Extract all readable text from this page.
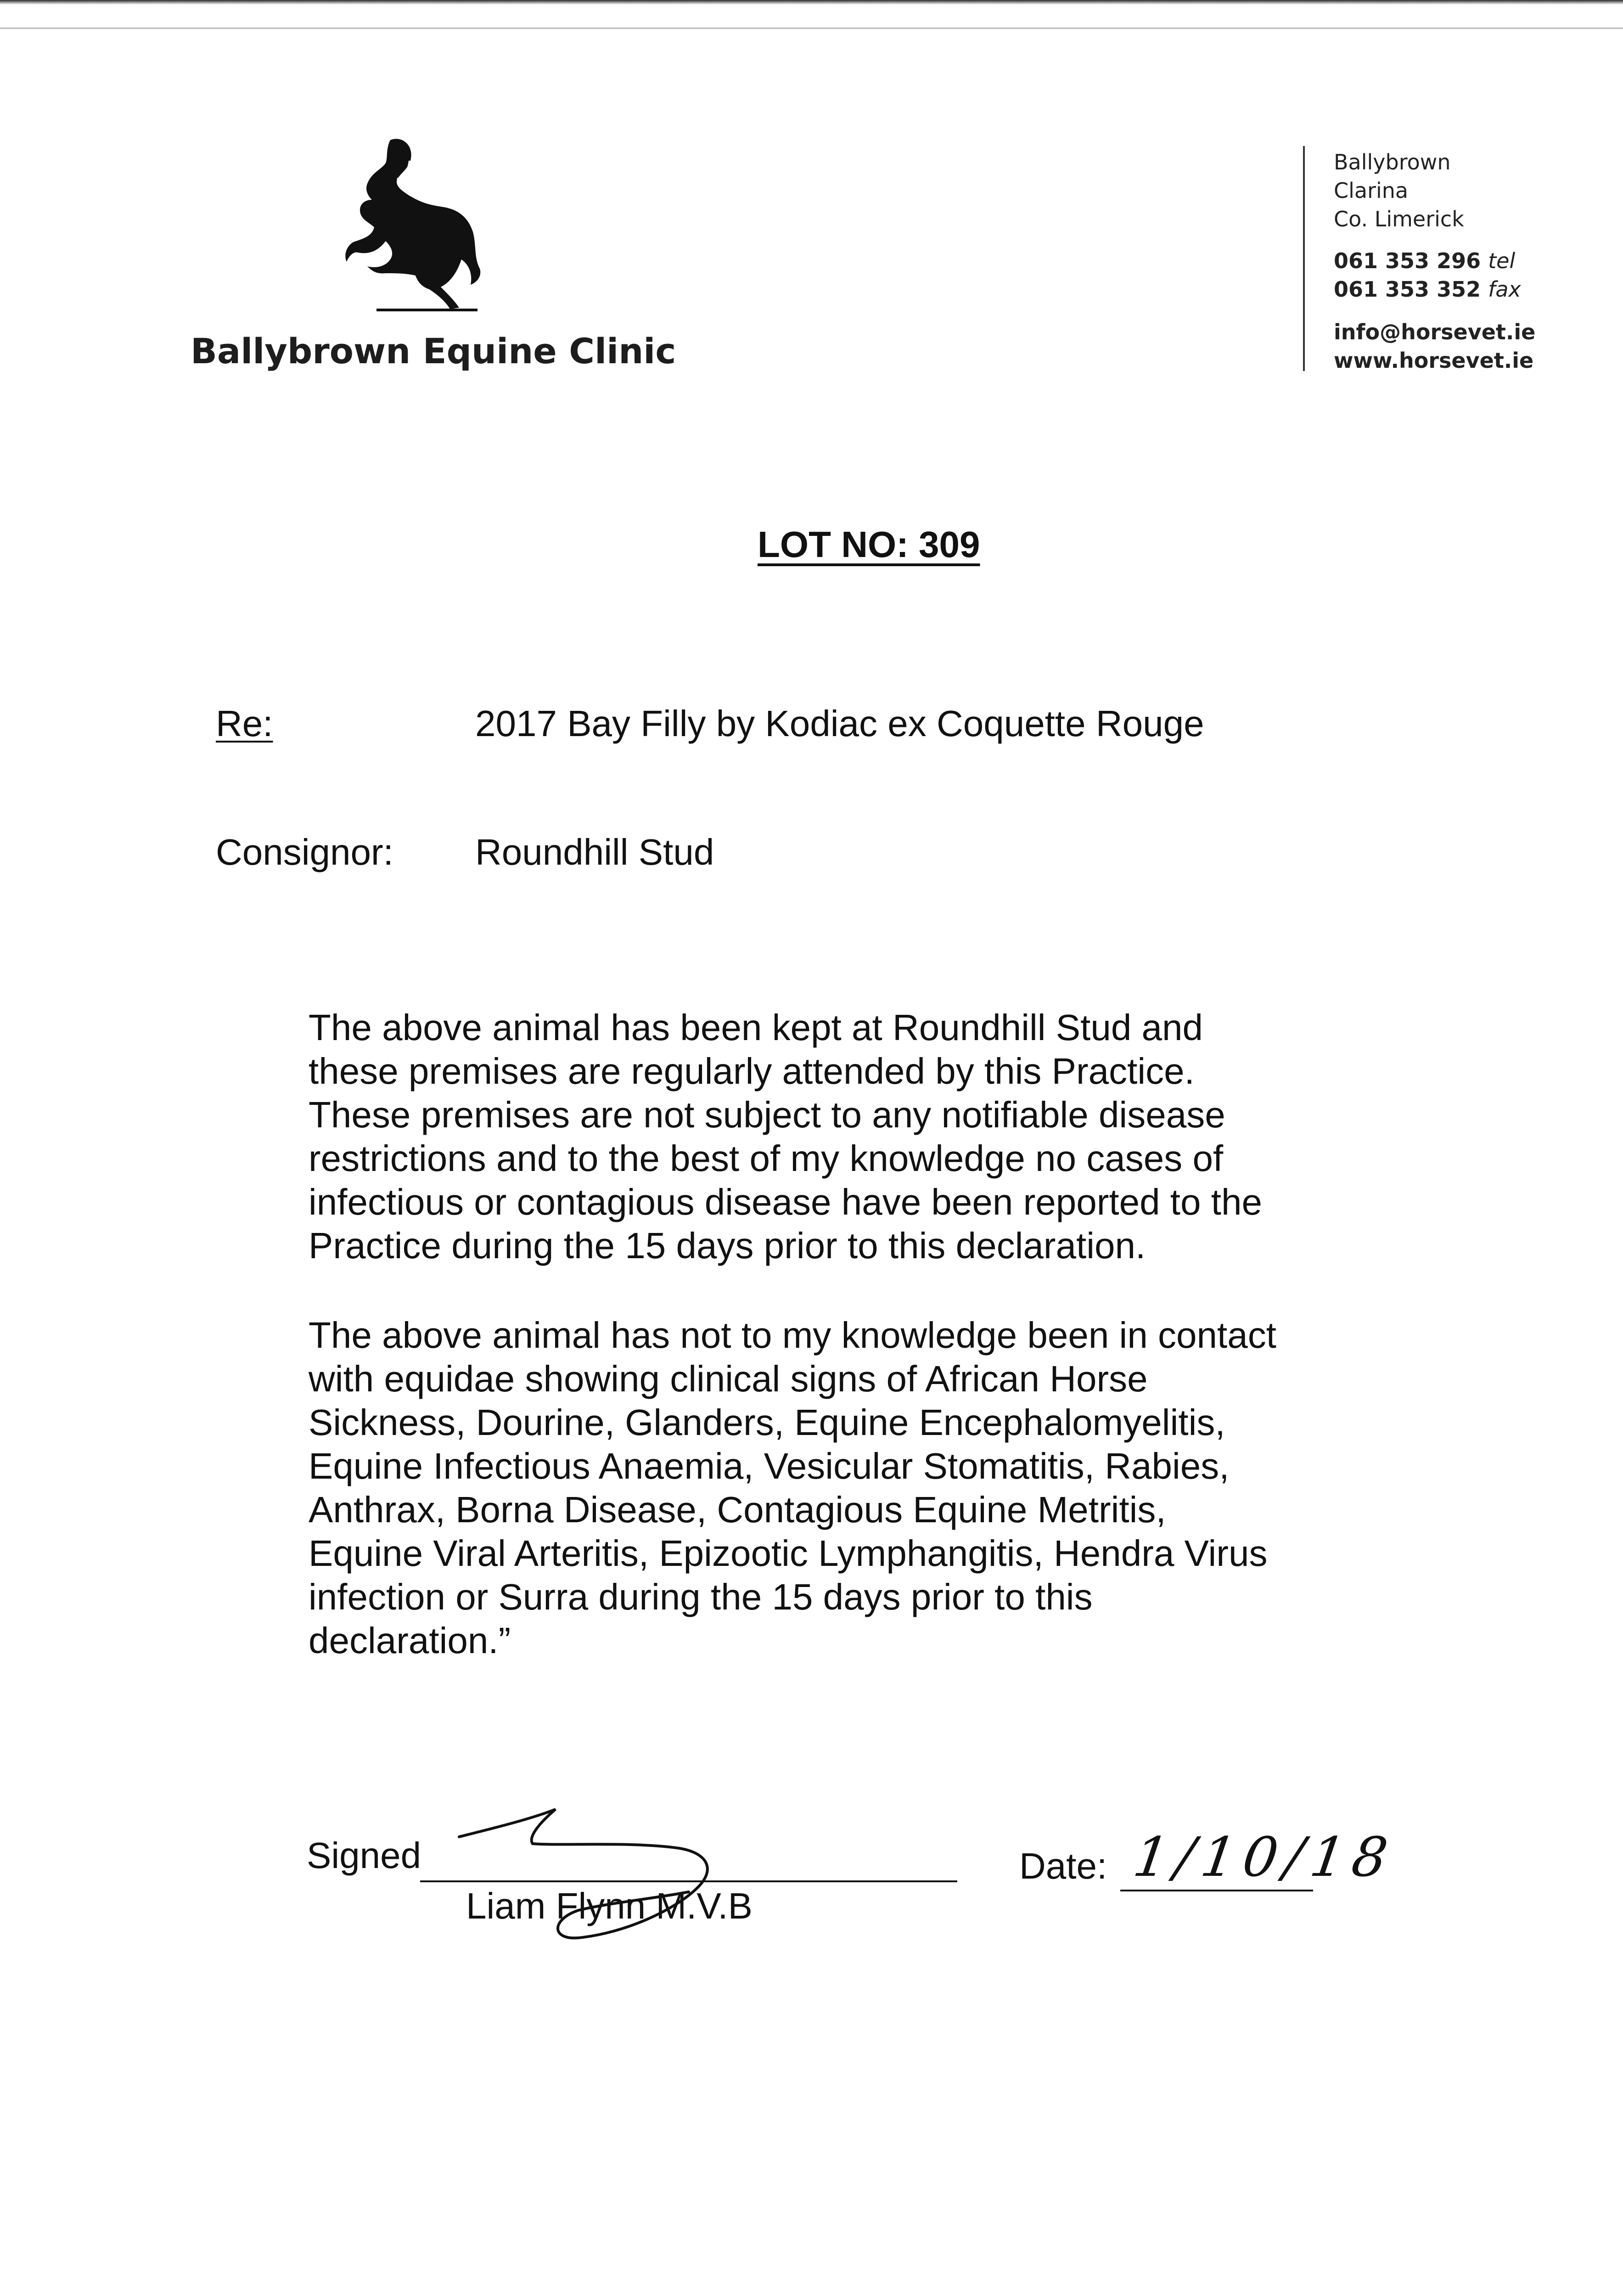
Ballybrown Equine Clinic
Ballybrown
Clarina
Co. Limerick
061 353 296 tel
061 353 352 fax
info@horsevet.ie
www.horsevet.ie
LOT NO: 309
Re:	2017 Bay Filly by Kodiac ex Coquette Rouge
Consignor: Roundhill Stud
The above animal has been kept at Roundhill Stud and
these premises are regularly attended by this Practice.
These premises are not subject to any notifiable disease
restrictions and to the best of my knowledge no cases of
infectious or contagious disease have been reported to the
Practice during the 15 days prior to this declaration.
The above animal has not to my knowledge been in contact
with equidae showing clinical signs of African Horse
Sickness, Dourine, Glanders, Equine Encephalomyelitis,
Equine Infectious Anaemia, Vesicular Stomatitis, Rabies,
Anthrax, Borna Disease, Contagious Equine Metritis,
Equine Viral Arteritis, Epizootic Lymphangitis, Hendra Virus
infection or Surra during the 15 days prior to this
declaration.”
Signed
Liam Flynn M.V.B
Date: 1/10/18
